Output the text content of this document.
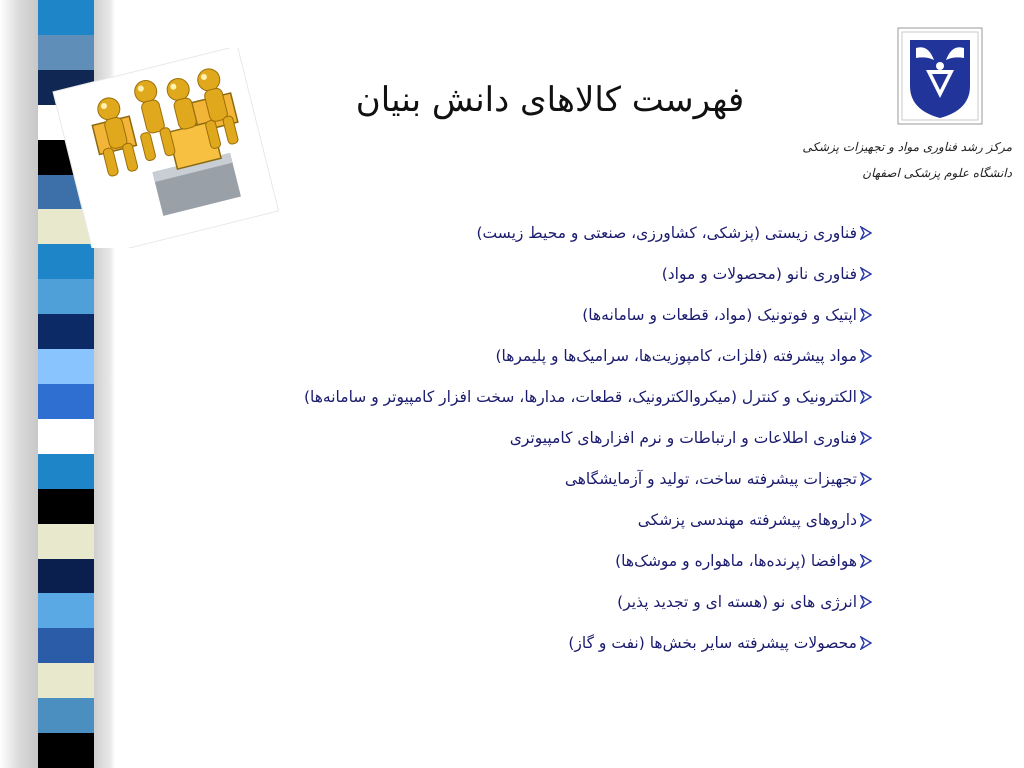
فهرست کالاهای دانش بنیان
مرکز رشد فناوری مواد و تجهیزات پزشکی
دانشگاه علوم پزشکی اصفهان
فناوری زیستی (پزشکی، کشاورزی، صنعتی و محیط زیست)
فناوری نانو (محصولات و مواد)
اپتیک و فوتونیک (مواد، قطعات و سامانه‌ها)
مواد پیشرفته (فلزات، کامپوزیت‌ها، سرامیک‌ها و پلیمرها)
الکترونیک و کنترل (میکروالکترونیک، قطعات، مدارها، سخت افزار کامپیوتر و سامانه‌ها)
فناوری اطلاعات و ارتباطات و نرم افزارهای کامپیوتری
تجهیزات پیشرفته ساخت، تولید و آزمایشگاهی
داروهای پیشرفته مهندسی پزشکی
هوافضا (پرنده‌ها، ماهواره و موشک‌ها)
انرژی های نو (هسته ای و تجدید پذیر)
محصولات پیشرفته سایر بخش‌ها (نفت و گاز)
